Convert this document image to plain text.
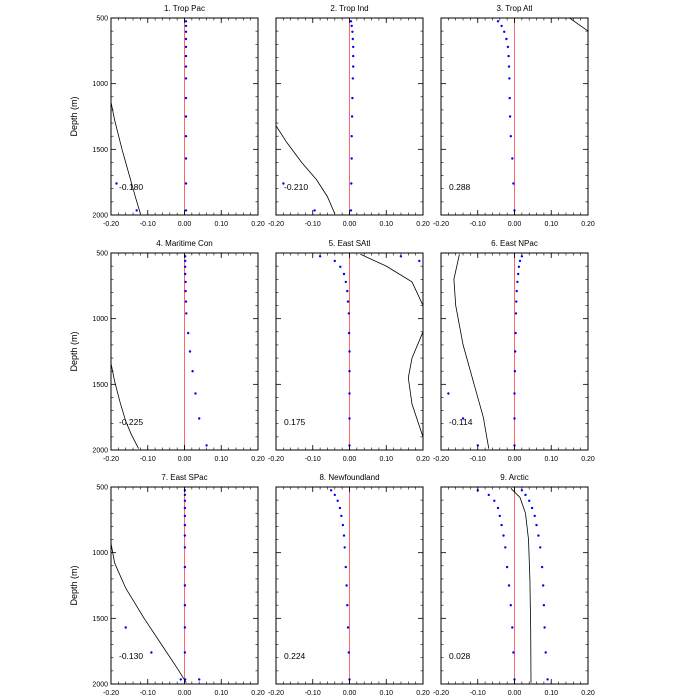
-0.20	-0.10	0.00	0.10	0.20
500
1000
1500
2000
1. Trop Pac
-0.180
Depth (m)
-0.20	-0.10	0.00	0.10	0.20
2. Trop Ind
-0.210
-0.20	-0.10	0.00	0.10	0.20
3. Trop Atl
0.288
-0.20	-0.10	0.00	0.10	0.20
500
1000
1500
2000
4. Maritime Con
-0.225
Depth (m)
-0.20	-0.10	0.00	0.10	0.20
5. East SAtl
0.175
-0.20	-0.10	0.00	0.10	0.20
6. East NPac
-0.114
-0.20	-0.10	0.00	0.10	0.20
500
1000
1500
2000
7. East SPac
-0.130
Depth (m)
-0.20	-0.10	0.00	0.10	0.20
8. Newfoundland
0.224
-0.20	-0.10	0.00	0.10	0.20
9. Arctic
0.028
